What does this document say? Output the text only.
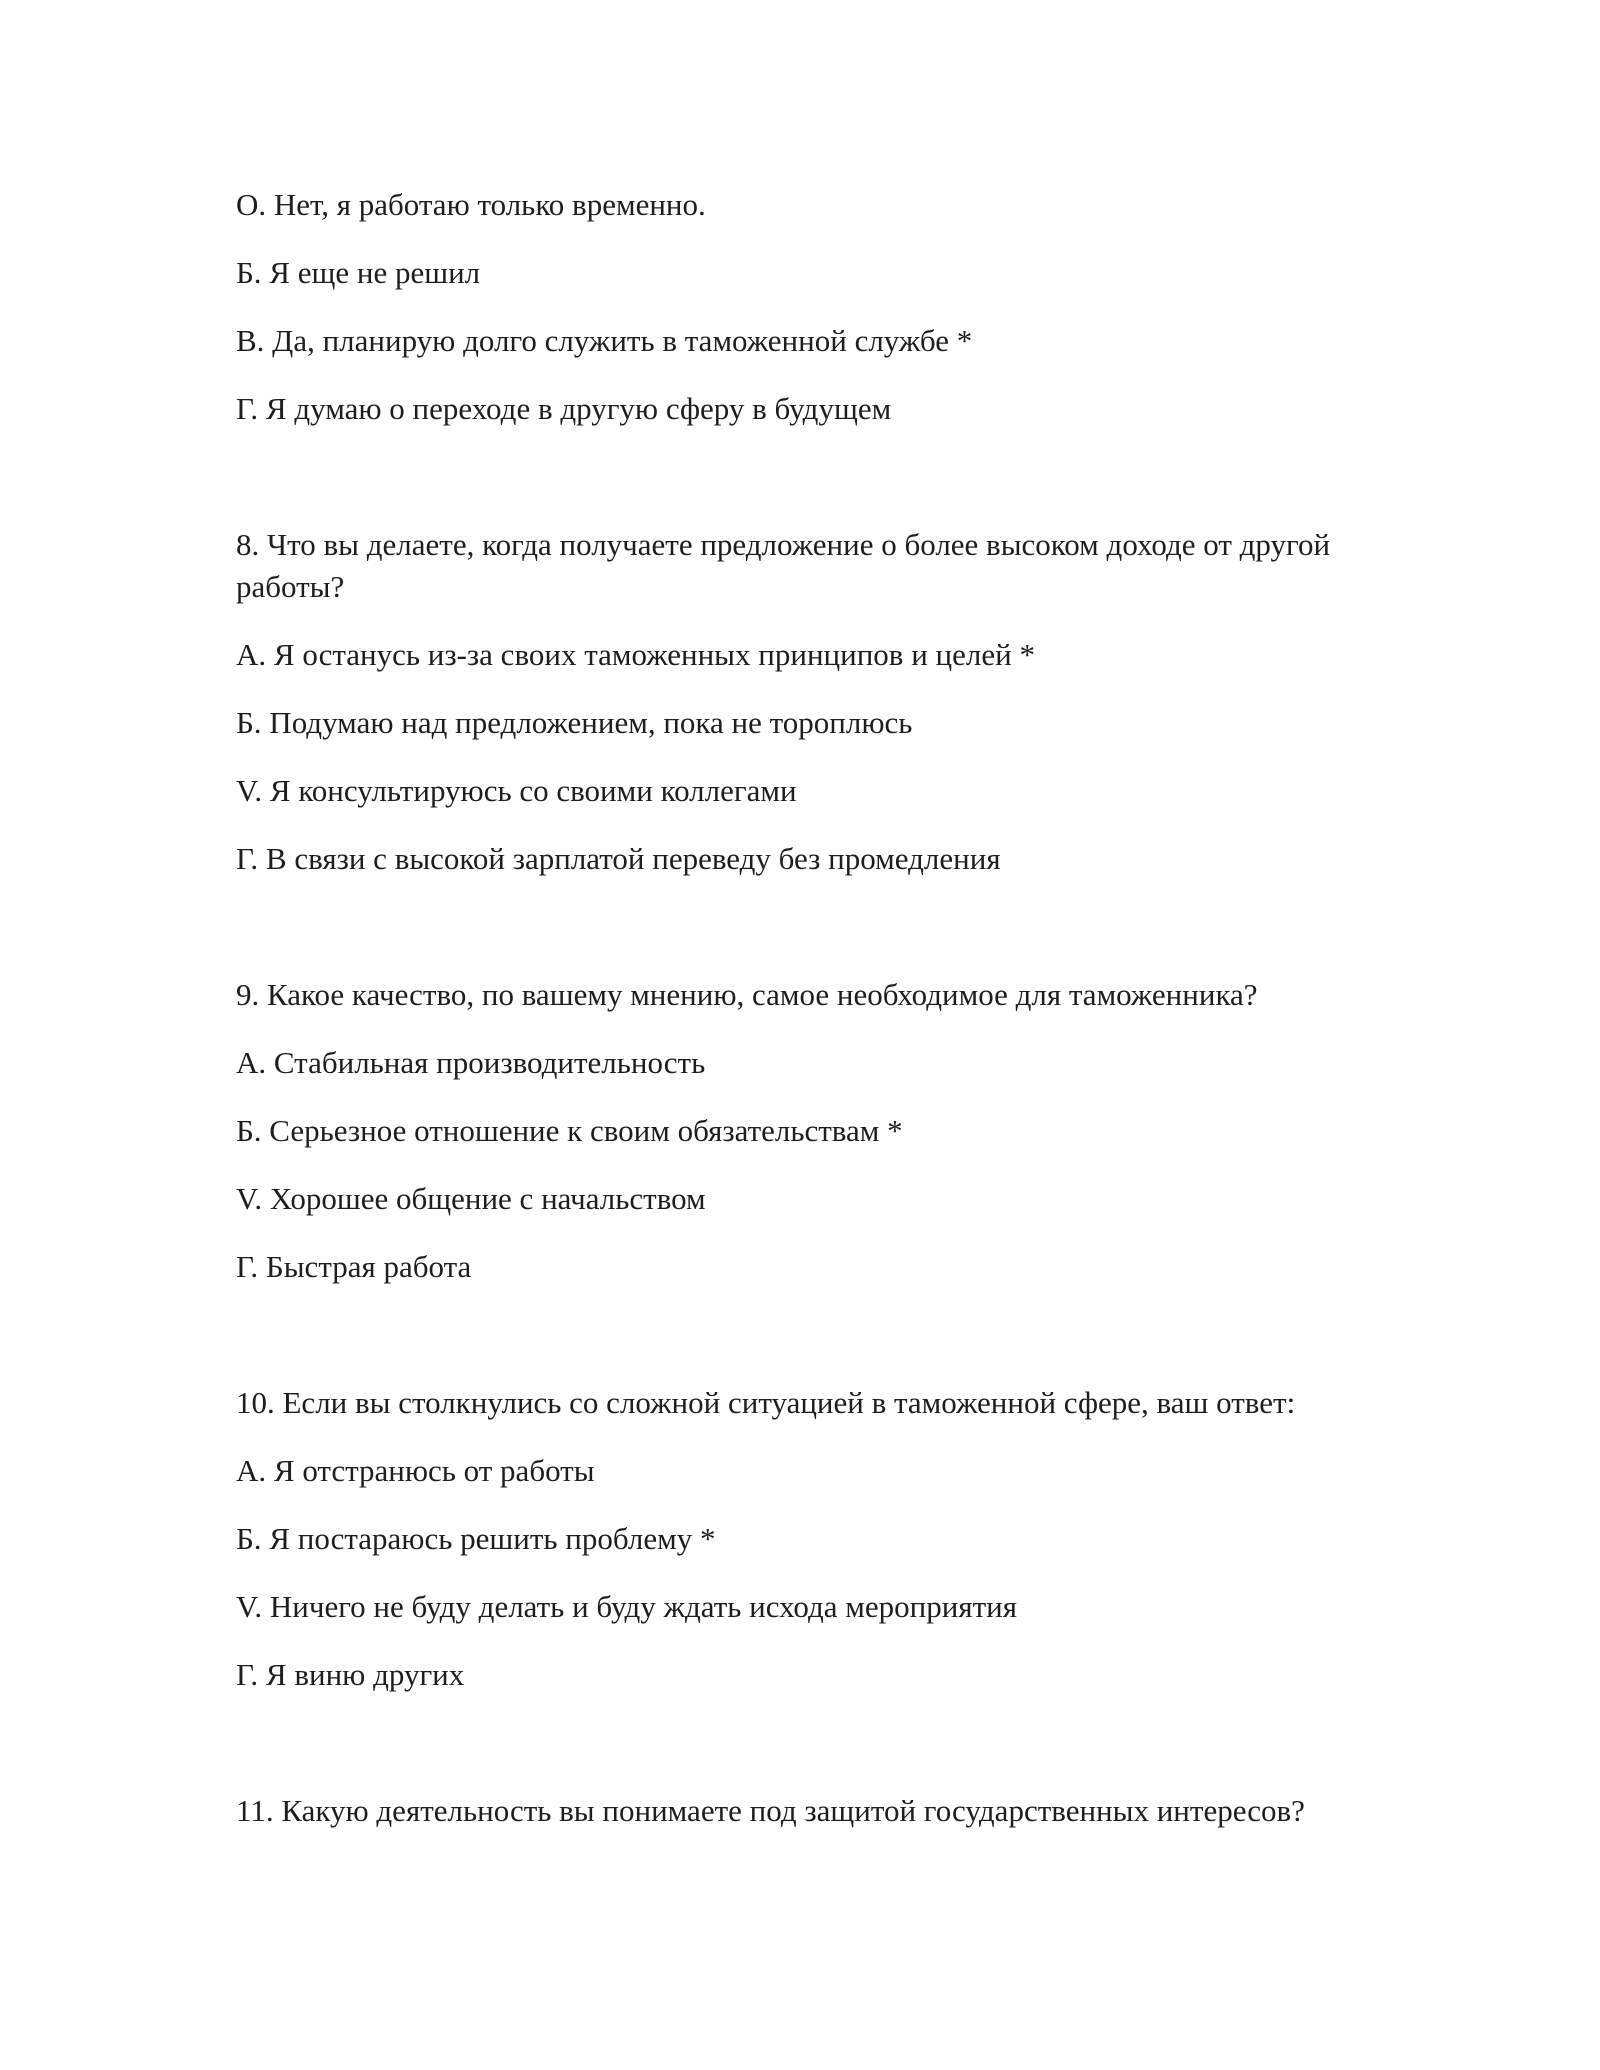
О. Нет, я работаю только временно.

Б. Я еще не решил

В. Да, планирую долго служить в таможенной службе *

Г. Я думаю о переходе в другую сферу в будущем

8. Что вы делаете, когда получаете предложение о более высоком доходе от другой работы?

А. Я останусь из-за своих таможенных принципов и целей *

Б. Подумаю над предложением, пока не тороплюсь

V. Я консультируюсь со своими коллегами

Г. В связи с высокой зарплатой переведу без промедления

9. Какое качество, по вашему мнению, самое необходимое для таможенника?

А. Стабильная производительность

Б. Серьезное отношение к своим обязательствам *

V. Хорошее общение с начальством

Г. Быстрая работа

10. Если вы столкнулись со сложной ситуацией в таможенной сфере, ваш ответ:

А. Я отстранюсь от работы

Б. Я постараюсь решить проблему *

V. Ничего не буду делать и буду ждать исхода мероприятия

Г. Я виню других

11. Какую деятельность вы понимаете под защитой государственных интересов?
